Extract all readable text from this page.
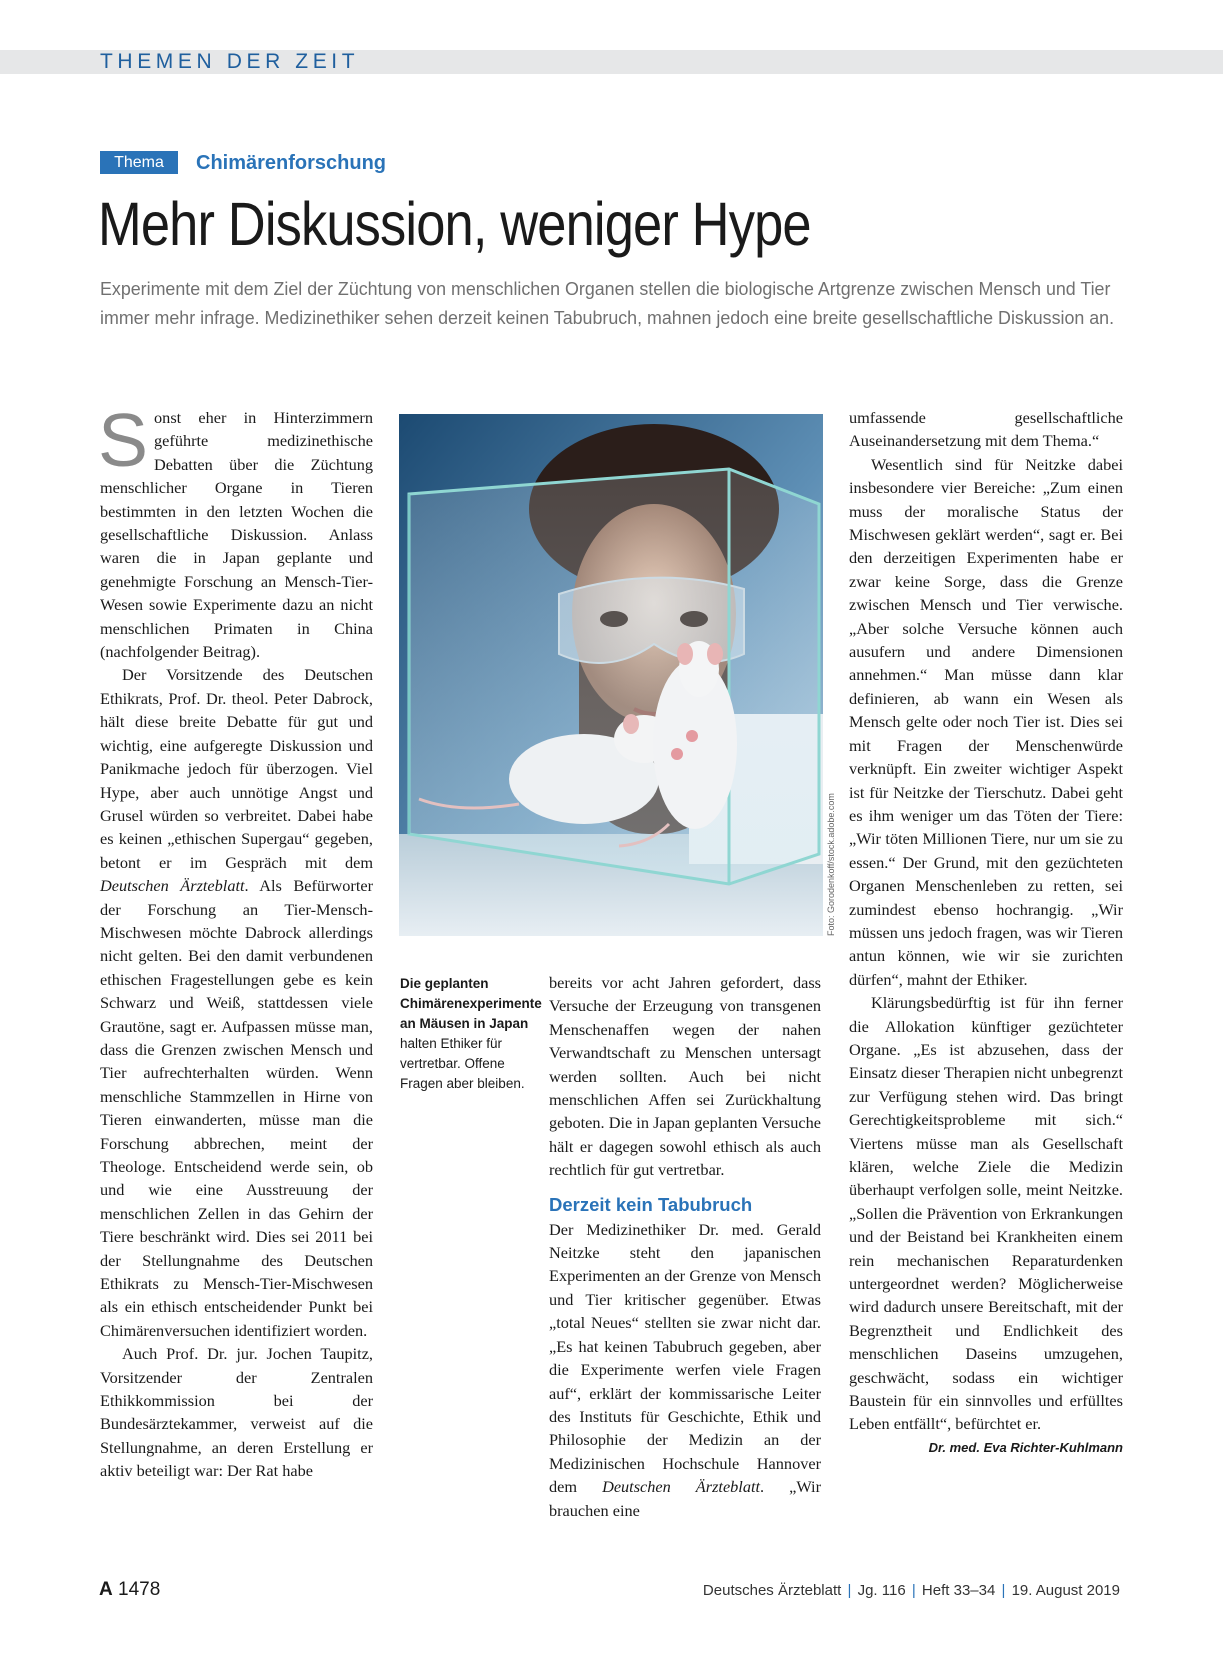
THEMEN DER ZEIT
Thema	Chimärenforschung
Mehr Diskussion, weniger Hype

Experimente mit dem Ziel der Züchtung von menschlichen Organen stellen die biologische Artgrenze zwischen Mensch und Tier immer mehr infrage. Medizinethiker sehen derzeit keinen Tabubruch, mahnen jedoch eine breite gesellschaftliche Diskussion an.

Sonst eher in Hinterzimmern geführte medizinethische Debatten über die Züchtung menschlicher Organe in Tieren bestimmten in den letzten Wochen die gesellschaftliche Diskussion. Anlass waren die in Japan geplante und genehmigte Forschung an Mensch-Tier-Wesen sowie Experimente dazu an nicht menschlichen Primaten in China (nachfolgender Beitrag).

Der Vorsitzende des Deutschen Ethikrats, Prof. Dr. theol. Peter Dabrock, hält diese breite Debatte für gut und wichtig, eine aufgeregte Diskussion und Panikmache jedoch für überzogen. Viel Hype, aber auch unnötige Angst und Grusel würden so verbreitet. Dabei habe es keinen „ethischen Supergau“ gegeben, betont er im Gespräch mit dem Deutschen Ärzteblatt. Als Befürworter der Forschung an Tier-Mensch-Mischwesen möchte Dabrock allerdings nicht gelten. Bei den damit verbundenen ethischen Fragestellungen gebe es kein Schwarz und Weiß, stattdessen viele Grautöne, sagt er. Aufpassen müsse man, dass die Grenzen zwischen Mensch und Tier aufrechterhalten würden. Wenn menschliche Stammzellen in Hirne von Tieren einwanderten, müsse man die Forschung abbrechen, meint der Theologe. Entscheidend werde sein, ob und wie eine Ausstreuung der menschlichen Zellen in das Gehirn der Tiere beschränkt wird. Dies sei 2011 bei der Stellungnahme des Deutschen Ethikrats zu Mensch-Tier-Mischwesen als ein ethisch entscheidender Punkt bei Chimärenversuchen identifiziert worden.

Auch Prof. Dr. jur. Jochen Taupitz, Vorsitzender der Zentralen Ethikkommission bei der Bundesärztekammer, verweist auf die Stellungnahme, an deren Erstellung er aktiv beteiligt war: Der Rat habe

Foto: Gorodenkoff/stock.adobe.com
Die geplanten Chimärenexperimente an Mäusen in Japan halten Ethiker für vertretbar. Offene Fragen aber bleiben.

bereits vor acht Jahren gefordert, dass Versuche der Erzeugung von transgenen Menschenaffen wegen der nahen Verwandtschaft zu Menschen untersagt werden sollten. Auch bei nicht menschlichen Affen sei Zurückhaltung geboten. Die in Japan geplanten Versuche hält er dagegen sowohl ethisch als auch rechtlich für gut vertretbar.

Derzeit kein Tabubruch

Der Medizinethiker Dr. med. Gerald Neitzke steht den japanischen Experimenten an der Grenze von Mensch und Tier kritischer gegenüber. Etwas „total Neues“ stellten sie zwar nicht dar. „Es hat keinen Tabubruch gegeben, aber die Experimente werfen viele Fragen auf“, erklärt der kommissarische Leiter des Instituts für Geschichte, Ethik und Philosophie der Medizin an der Medizinischen Hochschule Hannover dem Deutschen Ärzteblatt. „Wir brauchen eine

umfassende gesellschaftliche Auseinandersetzung mit dem Thema.“

Wesentlich sind für Neitzke dabei insbesondere vier Bereiche: „Zum einen muss der moralische Status der Mischwesen geklärt werden“, sagt er. Bei den derzeitigen Experimenten habe er zwar keine Sorge, dass die Grenze zwischen Mensch und Tier verwische. „Aber solche Versuche können auch ausufern und andere Dimensionen annehmen.“ Man müsse dann klar definieren, ab wann ein Wesen als Mensch gelte oder noch Tier ist. Dies sei mit Fragen der Menschenwürde verknüpft. Ein zweiter wichtiger Aspekt ist für Neitzke der Tierschutz. Dabei geht es ihm weniger um das Töten der Tiere: „Wir töten Millionen Tiere, nur um sie zu essen.“ Der Grund, mit den gezüchteten Organen Menschenleben zu retten, sei zumindest ebenso hochrangig. „Wir müssen uns jedoch fragen, was wir Tieren antun können, wie wir sie zurichten dürfen“, mahnt der Ethiker.

Klärungsbedürftig ist für ihn ferner die Allokation künftiger gezüchteter Organe. „Es ist abzusehen, dass der Einsatz dieser Therapien nicht unbegrenzt zur Verfügung stehen wird. Das bringt Gerechtigkeitsprobleme mit sich.“ Viertens müsse man als Gesellschaft klären, welche Ziele die Medizin überhaupt verfolgen solle, meint Neitzke. „Sollen die Prävention von Erkrankungen und der Beistand bei Krankheiten einem rein mechanischen Reparaturdenken untergeordnet werden? Möglicherweise wird dadurch unsere Bereitschaft, mit der Begrenztheit und Endlichkeit des menschlichen Daseins umzugehen, geschwächt, sodass ein wichtiger Baustein für ein sinnvolles und erfülltes Leben entfällt“, befürchtet er.
Dr. med. Eva Richter-Kuhlmann

A 1478	Deutsches Ärzteblatt | Jg. 116 | Heft 33–34 | 19. August 2019
